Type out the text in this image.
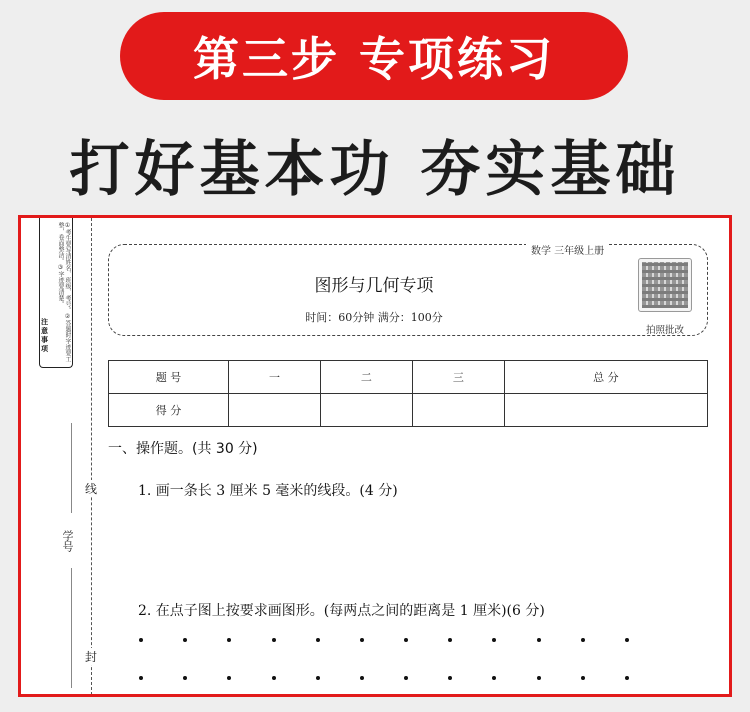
第三步 专项练习
打好基本功 夯实基础
①考生要写清姓名、班级、考号。②答题时字迹要工整，卷面整洁。③字迹要清楚。
注意事项
学号
线
封
图形与几何专项
时间：60分钟 满分：100分
数学 三年级上册
拍照批改
题 号	一	二	三	总 分
得 分				
一、操作题。(共 30 分)
1. 画一条长 3 厘米 5 毫米的线段。(4 分)
2. 在点子图上按要求画图形。(每两点之间的距离是 1 厘米)(6 分)
